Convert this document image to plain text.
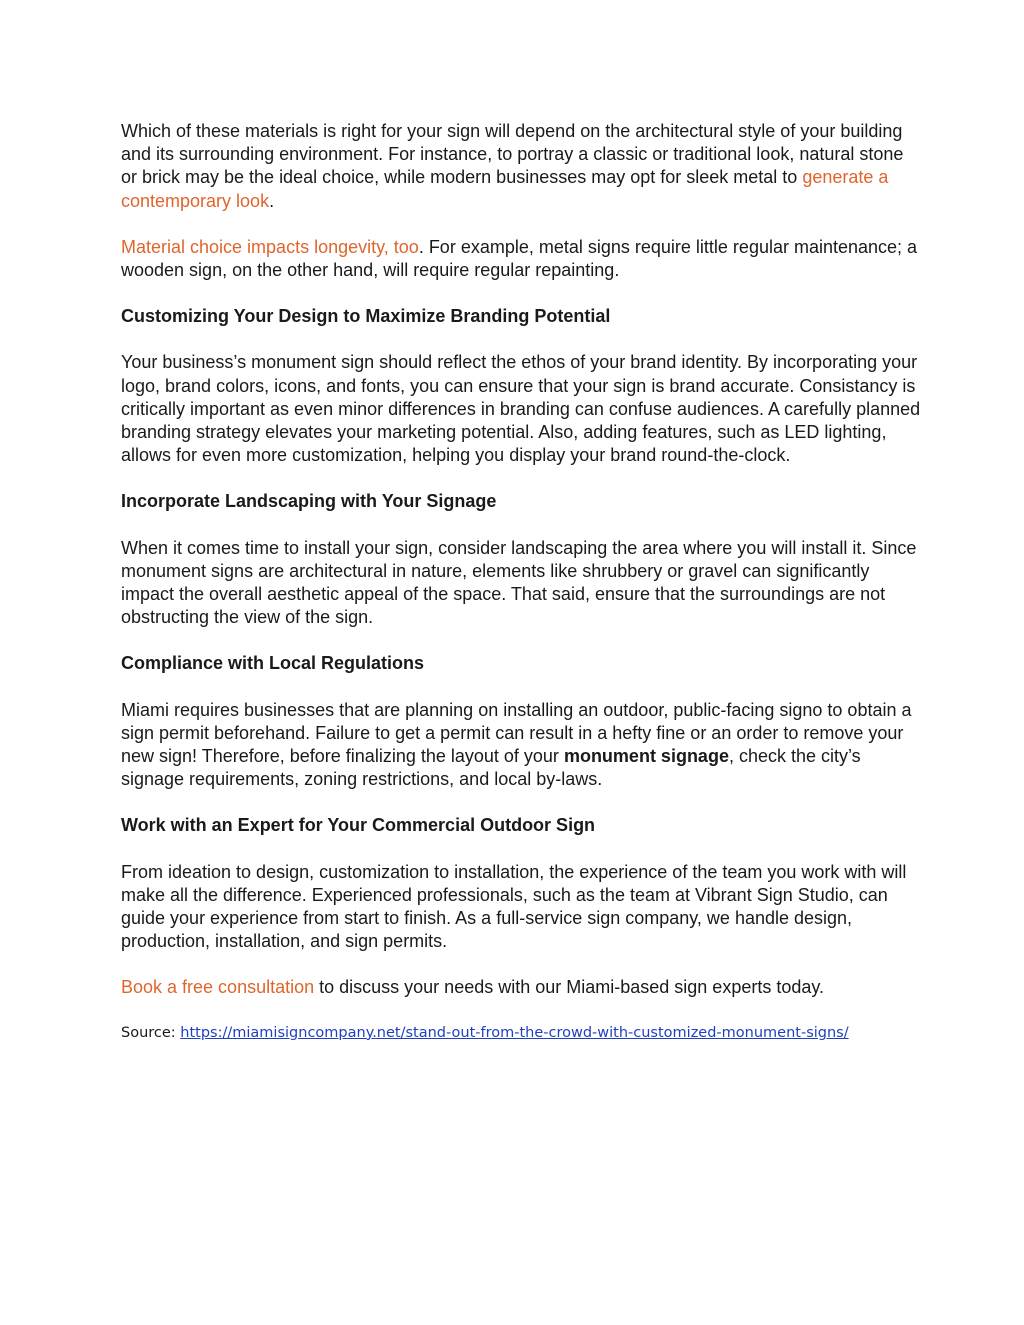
Which of these materials is right for your sign will depend on the architectural style of your building and its surrounding environment. For instance, to portray a classic or traditional look, natural stone or brick may be the ideal choice, while modern businesses may opt for sleek metal to generate a contemporary look.

Material choice impacts longevity, too. For example, metal signs require little regular maintenance; a wooden sign, on the other hand, will require regular repainting.

Customizing Your Design to Maximize Branding Potential

Your business’s monument sign should reflect the ethos of your brand identity. By incorporating your logo, brand colors, icons, and fonts, you can ensure that your sign is brand accurate. Consistancy is critically important as even minor differences in branding can confuse audiences. A carefully planned branding strategy elevates your marketing potential. Also, adding features, such as LED lighting, allows for even more customization, helping you display your brand round-the-clock.

Incorporate Landscaping with Your Signage

When it comes time to install your sign, consider landscaping the area where you will install it. Since monument signs are architectural in nature, elements like shrubbery or gravel can significantly impact the overall aesthetic appeal of the space. That said, ensure that the surroundings are not obstructing the view of the sign.

Compliance with Local Regulations

Miami requires businesses that are planning on installing an outdoor, public-facing signo to obtain a sign permit beforehand. Failure to get a permit can result in a hefty fine or an order to remove your new sign! Therefore, before finalizing the layout of your monument signage, check the city’s signage requirements, zoning restrictions, and local by-laws.

Work with an Expert for Your Commercial Outdoor Sign

From ideation to design, customization to installation, the experience of the team you work with will make all the difference. Experienced professionals, such as the team at Vibrant Sign Studio, can guide your experience from start to finish. As a full-service sign company, we handle design, production, installation, and sign permits.

Book a free consultation to discuss your needs with our Miami-based sign experts today.

Source: https://miamisigncompany.net/stand-out-from-the-crowd-with-customized-monument-signs/
